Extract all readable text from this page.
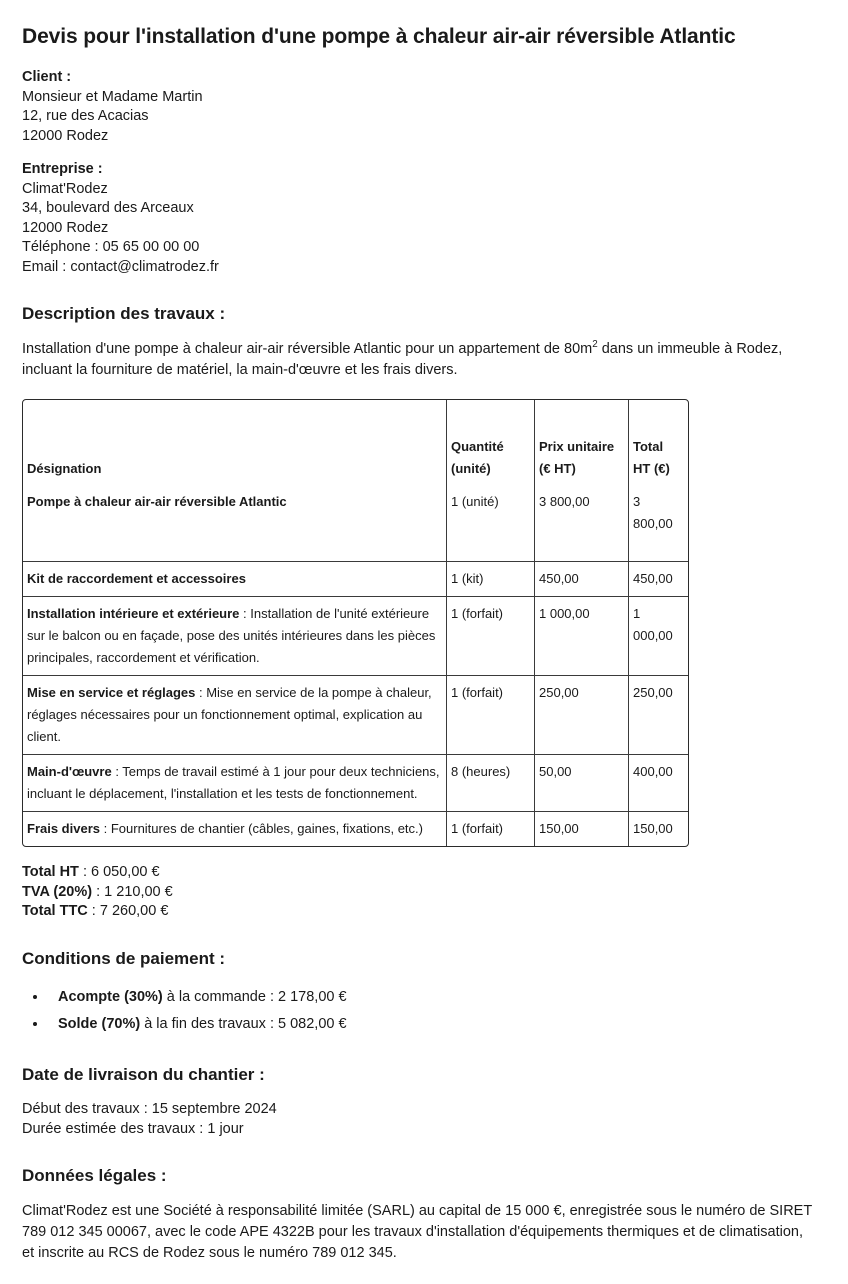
Devis pour l'installation d'une pompe à chaleur air-air réversible Atlantic
Client :
Monsieur et Madame Martin
12, rue des Acacias
12000 Rodez
Entreprise :
Climat'Rodez
34, boulevard des Arceaux
12000 Rodez
Téléphone : 05 65 00 00 00
Email : contact@climatrodez.fr
Description des travaux :

Installation d'une pompe à chaleur air-air réversible Atlantic pour un appartement de $80m^2$ dans un immeuble à Rodez, incluant la fourniture de matériel, la main-d'œuvre et les frais divers.

Désignation	Quantité (unité)	Prix unitaire (€ HT)	Total HT (€)
Pompe à chaleur air-air réversible Atlantic	1 (unité)	3 800,00	3 800,00
Kit de raccordement et accessoires	1 (kit)	450,00	450,00
Installation intérieure et extérieure : Installation de l'unité extérieure sur le balcon ou en façade, pose des unités intérieures dans les pièces principales, raccordement et vérification.	1 (forfait)	1 000,00	1 000,00
Mise en service et réglages : Mise en service de la pompe à chaleur, réglages nécessaires pour un fonctionnement optimal, explication au client.	1 (forfait)	250,00	250,00
Main-d'œuvre : Temps de travail estimé à 1 jour pour deux techniciens, incluant le déplacement, l'installation et les tests de fonctionnement.	8 (heures)	50,00	400,00
Frais divers : Fournitures de chantier (câbles, gaines, fixations, etc.)	1 (forfait)	150,00	150,00
Total HT : 6 050,00 €
TVA (20%) : 1 210,00 €
Total TTC : 7 260,00 €
Conditions de paiement :
• Acompte (30%) à la commande : 2 178,00 €
• Solde (70%) à la fin des travaux : 5 082,00 €
Date de livraison du chantier :
Début des travaux : 15 septembre 2024
Durée estimée des travaux : 1 jour
Données légales :

Climat'Rodez est une Société à responsabilité limitée (SARL) au capital de 15 000 €, enregistrée sous le numéro de SIRET 789 012 345 00067, avec le code APE 4322B pour les travaux d'installation d'équipements thermiques et de climatisation, et inscrite au RCS de Rodez sous le numéro 789 012 345.
